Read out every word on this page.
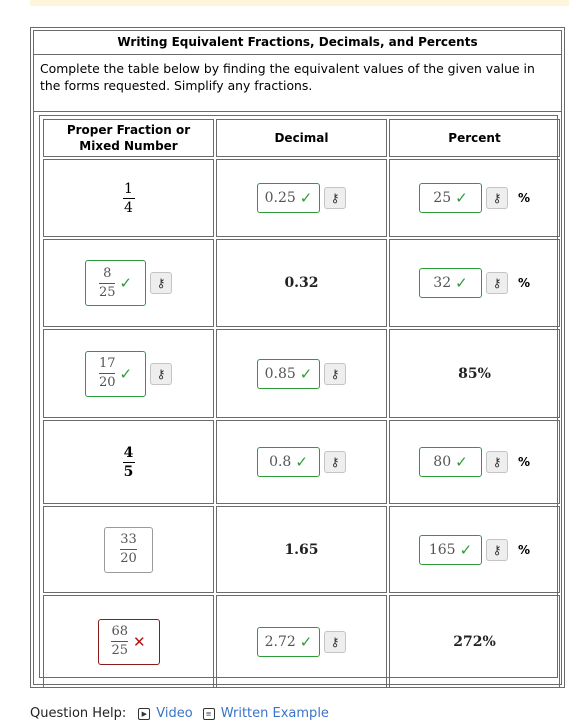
Writing Equivalent Fractions, Decimals, and Percents
Complete the table below by finding the equivalent values of the given value in the forms requested. Simplify any fractions.
Proper Fraction or Mixed Number
Decimal	Percent
$\frac{1}{4}$	0.25 ✓	⚷	25 ✓	⚷	%
$\frac{8}{25}$ ✓	⚷	0.32	32 ✓	⚷	%
$\frac{17}{20}$ ✓	⚷	0.85 ✓	⚷	85%
$\frac{4}{5}$	0.8 ✓	⚷	80 ✓	⚷	%
$\frac{33}{20}$	1.65	165 ✓	⚷	%
$\frac{68}{25}$ ✕	2.72 ✓	⚷	272%
Question Help:	▶ Video	≡ Written Example
